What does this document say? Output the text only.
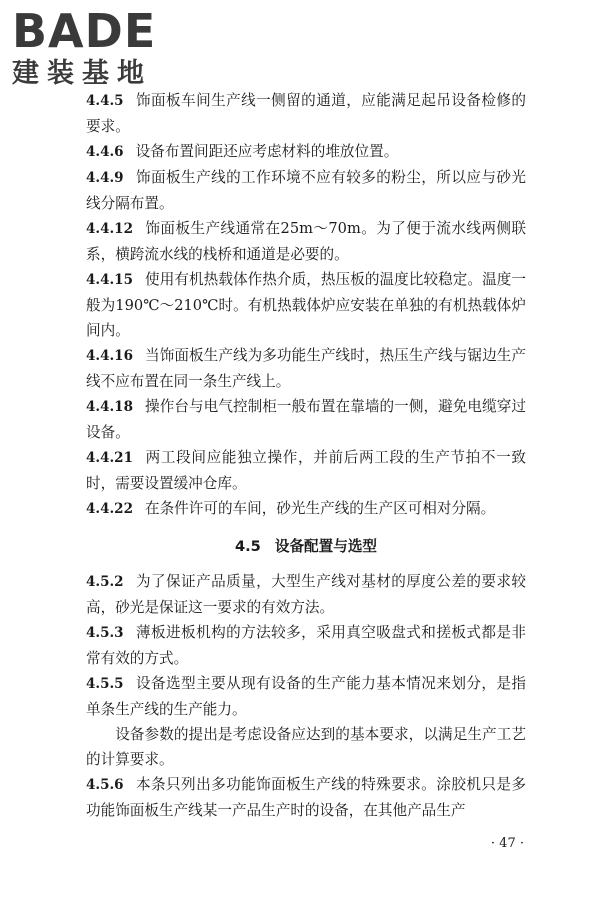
BADE
建装基地

4.4.5 饰面板车间生产线一侧留的通道，应能满足起吊设备检修的要求。

4.4.6 设备布置间距还应考虑材料的堆放位置。

4.4.9 饰面板生产线的工作环境不应有较多的粉尘，所以应与砂光线分隔布置。

4.4.12 饰面板生产线通常在25m～70m。为了便于流水线两侧联系，横跨流水线的栈桥和通道是必要的。

4.4.15 使用有机热载体作热介质，热压板的温度比较稳定。温度一般为190℃～210℃时。有机热载体炉应安装在单独的有机热载体炉间内。

4.4.16 当饰面板生产线为多功能生产线时，热压生产线与锯边生产线不应布置在同一条生产线上。

4.4.18 操作台与电气控制柜一般布置在靠墙的一侧，避免电缆穿过设备。

4.4.21 两工段间应能独立操作，并前后两工段的生产节拍不一致时，需要设置缓冲仓库。

4.4.22 在条件许可的车间，砂光生产线的生产区可相对分隔。

4.5 设备配置与选型

4.5.2 为了保证产品质量，大型生产线对基材的厚度公差的要求较高，砂光是保证这一要求的有效方法。

4.5.3 薄板进板机构的方法较多，采用真空吸盘式和搓板式都是非常有效的方式。

4.5.5 设备选型主要从现有设备的生产能力基本情况来划分，是指单条生产线的生产能力。

设备参数的提出是考虑设备应达到的基本要求，以满足生产工艺的计算要求。

4.5.6 本条只列出多功能饰面板生产线的特殊要求。涂胶机只是多功能饰面板生产线某一产品生产时的设备，在其他产品生产

· 47 ·
